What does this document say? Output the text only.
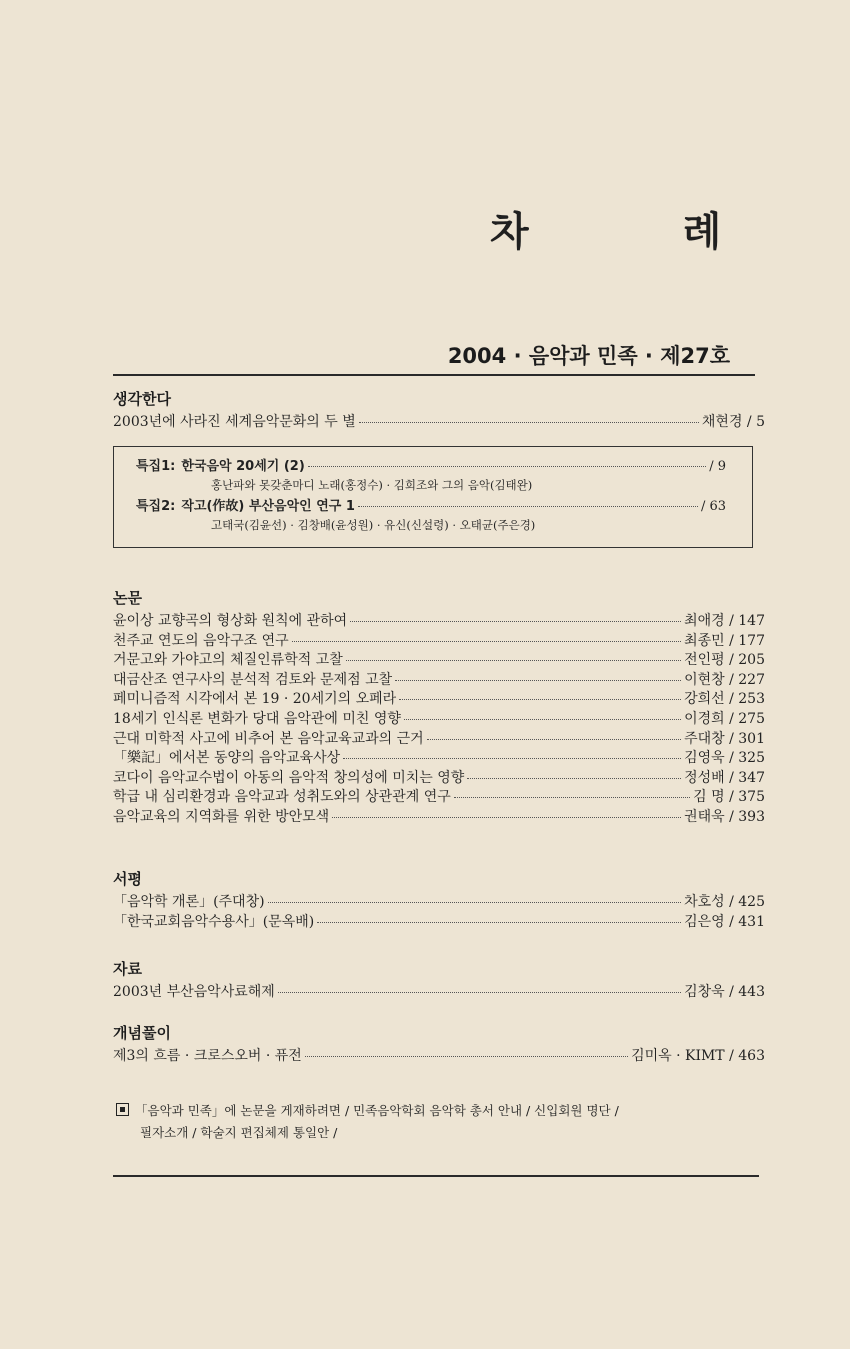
차 례
2004 · 음악과 민족 · 제27호
생각한다
2003년에 사라진 세계음악문화의 두 별	채현경 / 5
특집1: 한국음악 20세기 (2)	/ 9
홍난파와 못갖춘마디 노래(홍정수) · 김희조와 그의 음악(김태완)
특집2: 작고(作故) 부산음악인 연구 1	/ 63
고태국(김윤선) · 김창배(윤성원) · 유신(신설령) · 오태균(주은경)
논문
윤이상 교향곡의 형상화 원칙에 관하여	최애경 / 147
천주교 연도의 음악구조 연구	최종민 / 177
거문고와 가야고의 체질인류학적 고찰	전인평 / 205
대금산조 연구사의 분석적 검토와 문제점 고찰	이현창 / 227
페미니즘적 시각에서 본 19 · 20세기의 오페라	강희선 / 253
18세기 인식론 변화가 당대 음악관에 미친 영향	이경희 / 275
근대 미학적 사고에 비추어 본 음악교육교과의 근거	주대창 / 301
「樂記」에서본 동양의 음악교육사상	김영욱 / 325
코다이 음악교수법이 아동의 음악적 창의성에 미치는 영향	정성배 / 347
학급 내 심리환경과 음악교과 성취도와의 상관관계 연구	김 명 / 375
음악교육의 지역화를 위한 방안모색	권태욱 / 393
서평
「음악학 개론」(주대창)	차호성 / 425
「한국교회음악수용사」(문옥배)	김은영 / 431
자료
2003년 부산음악사료해제	김창욱 / 443
개념풀이
제3의 흐름 · 크로스오버 · 퓨전	김미옥 · KIMT / 463
「음악과 민족」에 논문을 게재하려면 / 민족음악학회 음악학 총서 안내 / 신입회원 명단 /
필자소개 / 학술지 편집체제 통일안 /
